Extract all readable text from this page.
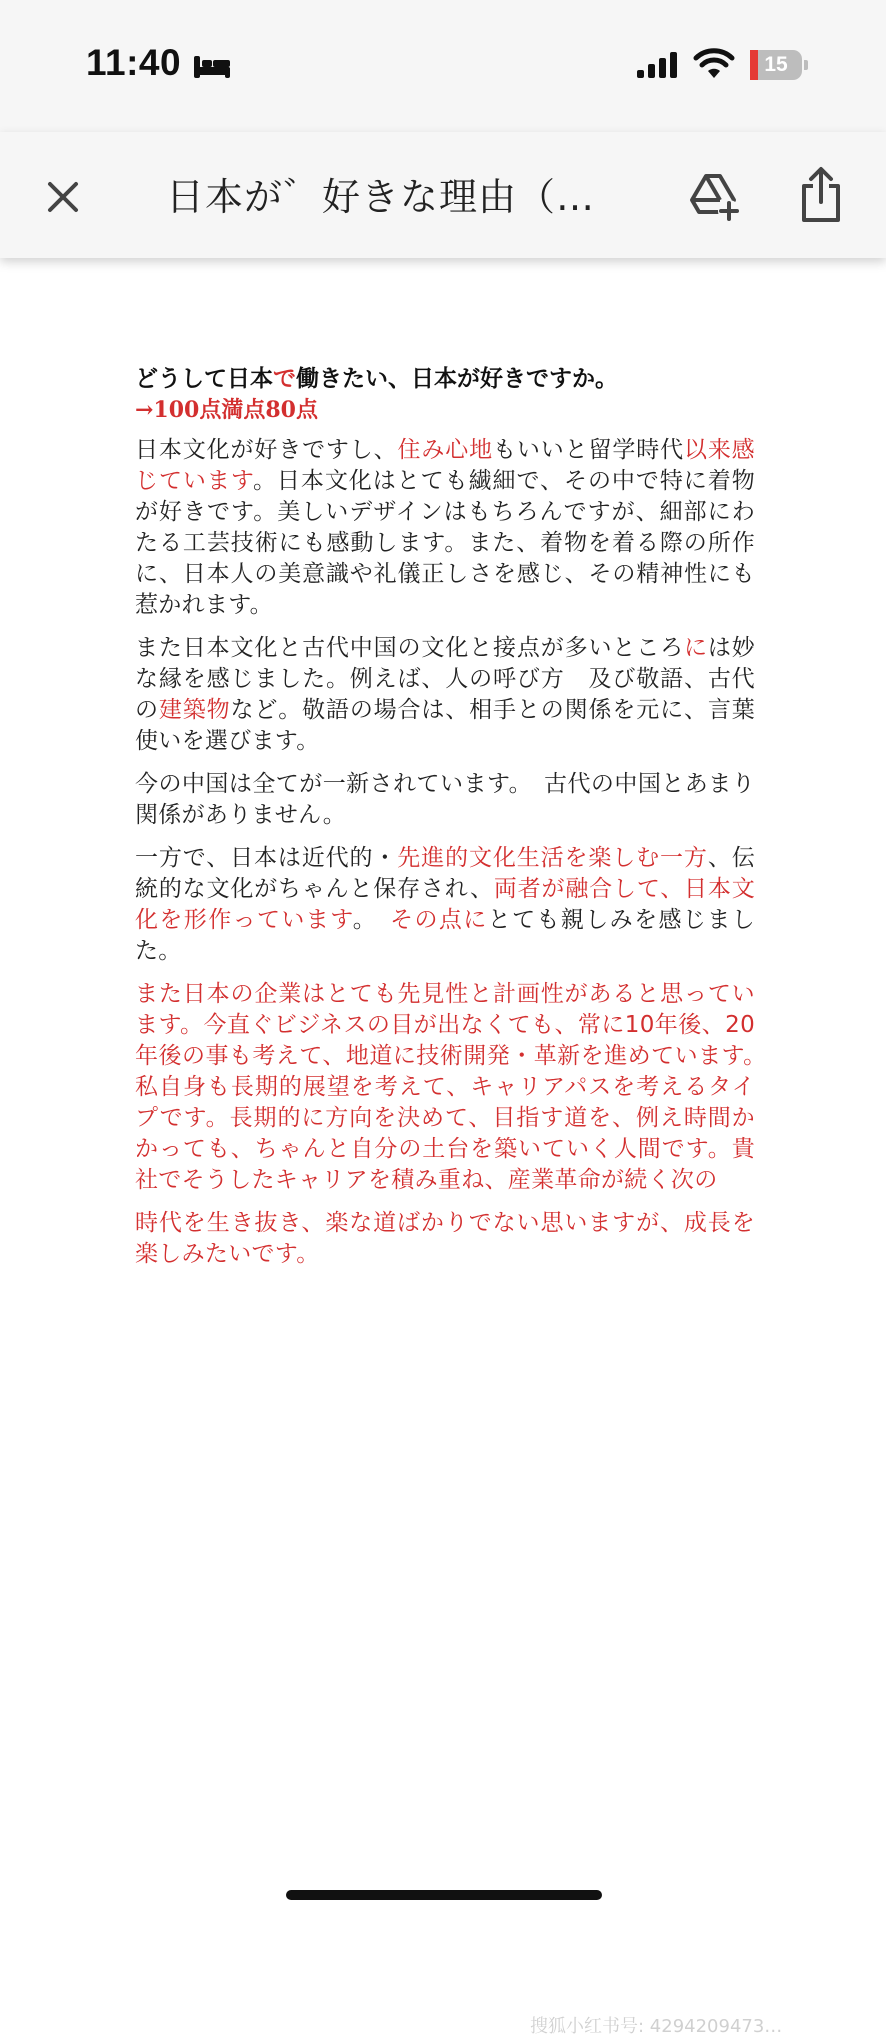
11:40	15
日本が゛好きな理由（…
どうして日本で働きたい、日本が好きですか。
→100点満点80点
日本文化が好きですし、住み心地もいいと留学時代以来感じています。日本文化はとても繊細で、その中で特に着物が好きです。美しいデザインはもちろんですが、細部にわたる工芸技術にも感動します。また、着物を着る際の所作に、日本人の美意識や礼儀正しさを感じ、その精神性にも惹かれます。
また日本文化と古代中国の文化と接点が多いところには妙な縁を感じました。例えば、人の呼び方　及び敬語、古代の建築物など。敬語の場合は、相手との関係を元に、言葉使いを選びます。
今の中国は全てが一新されています。　古代の中国とあまり関係がありません。
一方で、日本は近代的・先進的文化生活を楽しむ一方、伝統的な文化がちゃんと保存され、両者が融合して、日本文化を形作っています。　その点にとても親しみを感じました。
また日本の企業はとても先見性と計画性があると思っています。今直ぐビジネスの目が出なくても、常に10年後、20年後の事も考えて、地道に技術開発・革新を進めています。　私自身も長期的展望を考えて、キャリアパスを考えるタイプです。長期的に方向を決めて、目指す道を、例え時間かかっても、ちゃんと自分の土台を築いていく人間です。貴社でそうしたキャリアを積み重ね、産業革命が続く次の
時代を生き抜き、楽な道ばかりでない思いますが、成長を楽しみたいです。
搜狐小红书号: 4294209473…
